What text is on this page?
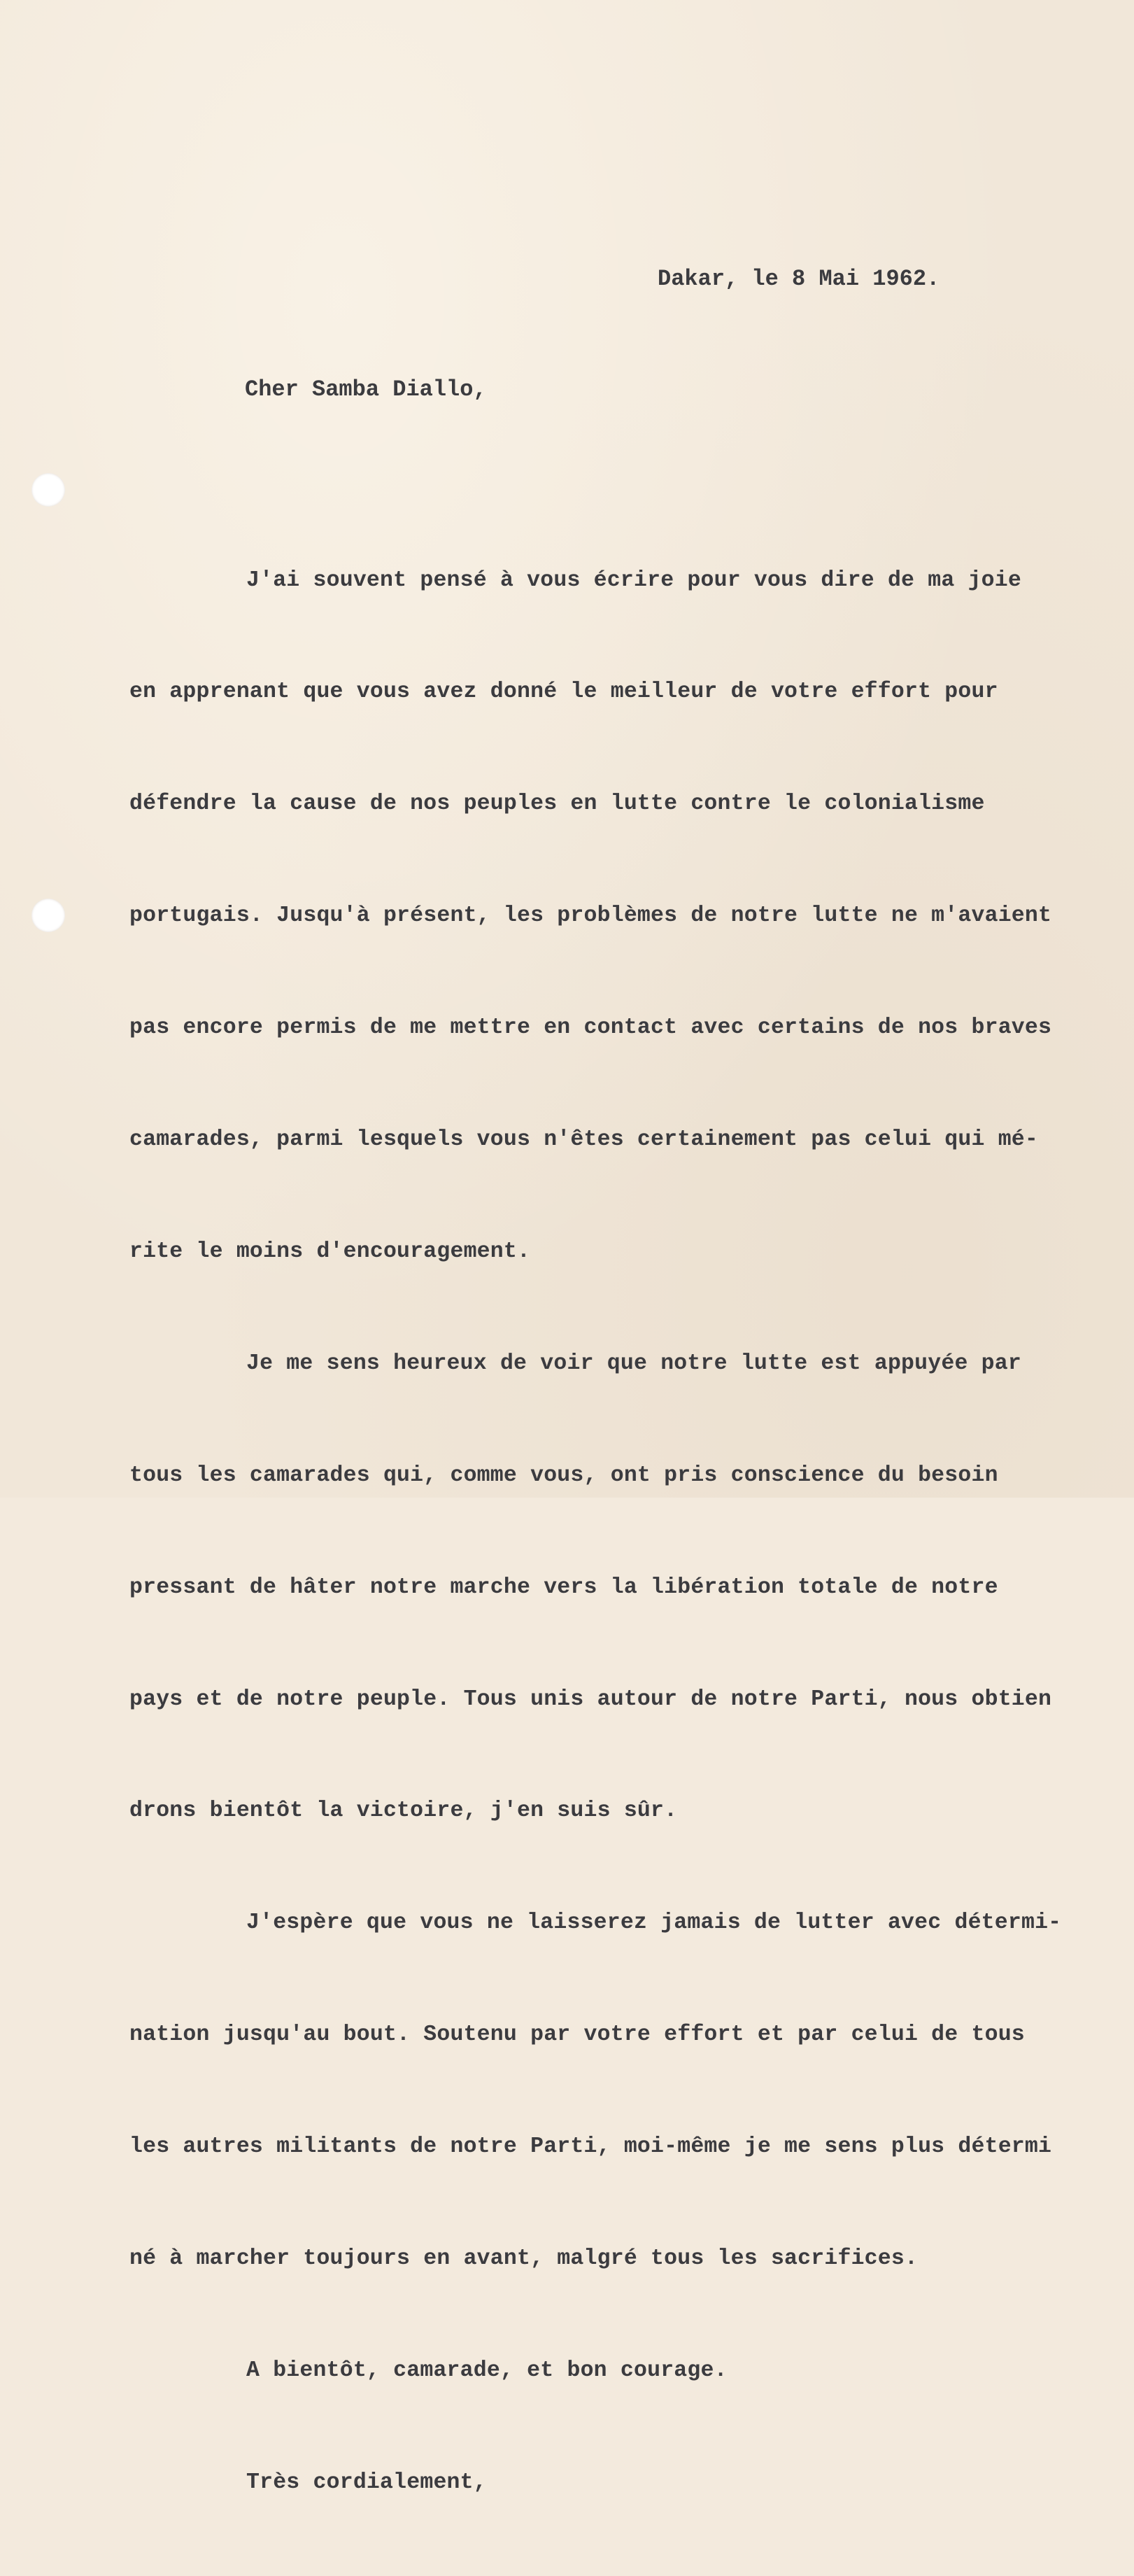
Dakar, le 8 Mai 1962.
Cher Samba Diallo,

J'ai souvent pensé à vous écrire pour vous dire de ma joie

en apprenant que vous avez donné le meilleur de votre effort pour

défendre la cause de nos peuples en lutte contre le colonialisme

portugais. Jusqu'à présent, les problèmes de notre lutte ne m'avaient

pas encore permis de me mettre en contact avec certains de nos braves

camarades, parmi lesquels vous n'êtes certainement pas celui qui mé-

rite le moins d'encouragement.

Je me sens heureux de voir que notre lutte est appuyée par

tous les camarades qui, comme vous, ont pris conscience du besoin

pressant de hâter notre marche vers la libération totale de notre

pays et de notre peuple. Tous unis autour de notre Parti, nous obtien

drons bientôt la victoire, j'en suis sûr.

J'espère que vous ne laisserez jamais de lutter avec détermi-

nation jusqu'au bout. Soutenu par votre effort et par celui de tous

les autres militants de notre Parti, moi-même je me sens plus détermi

né à marcher toujours en avant, malgré tous les sacrifices.

A bientôt, camarade, et bon courage.

Très cordialement,
